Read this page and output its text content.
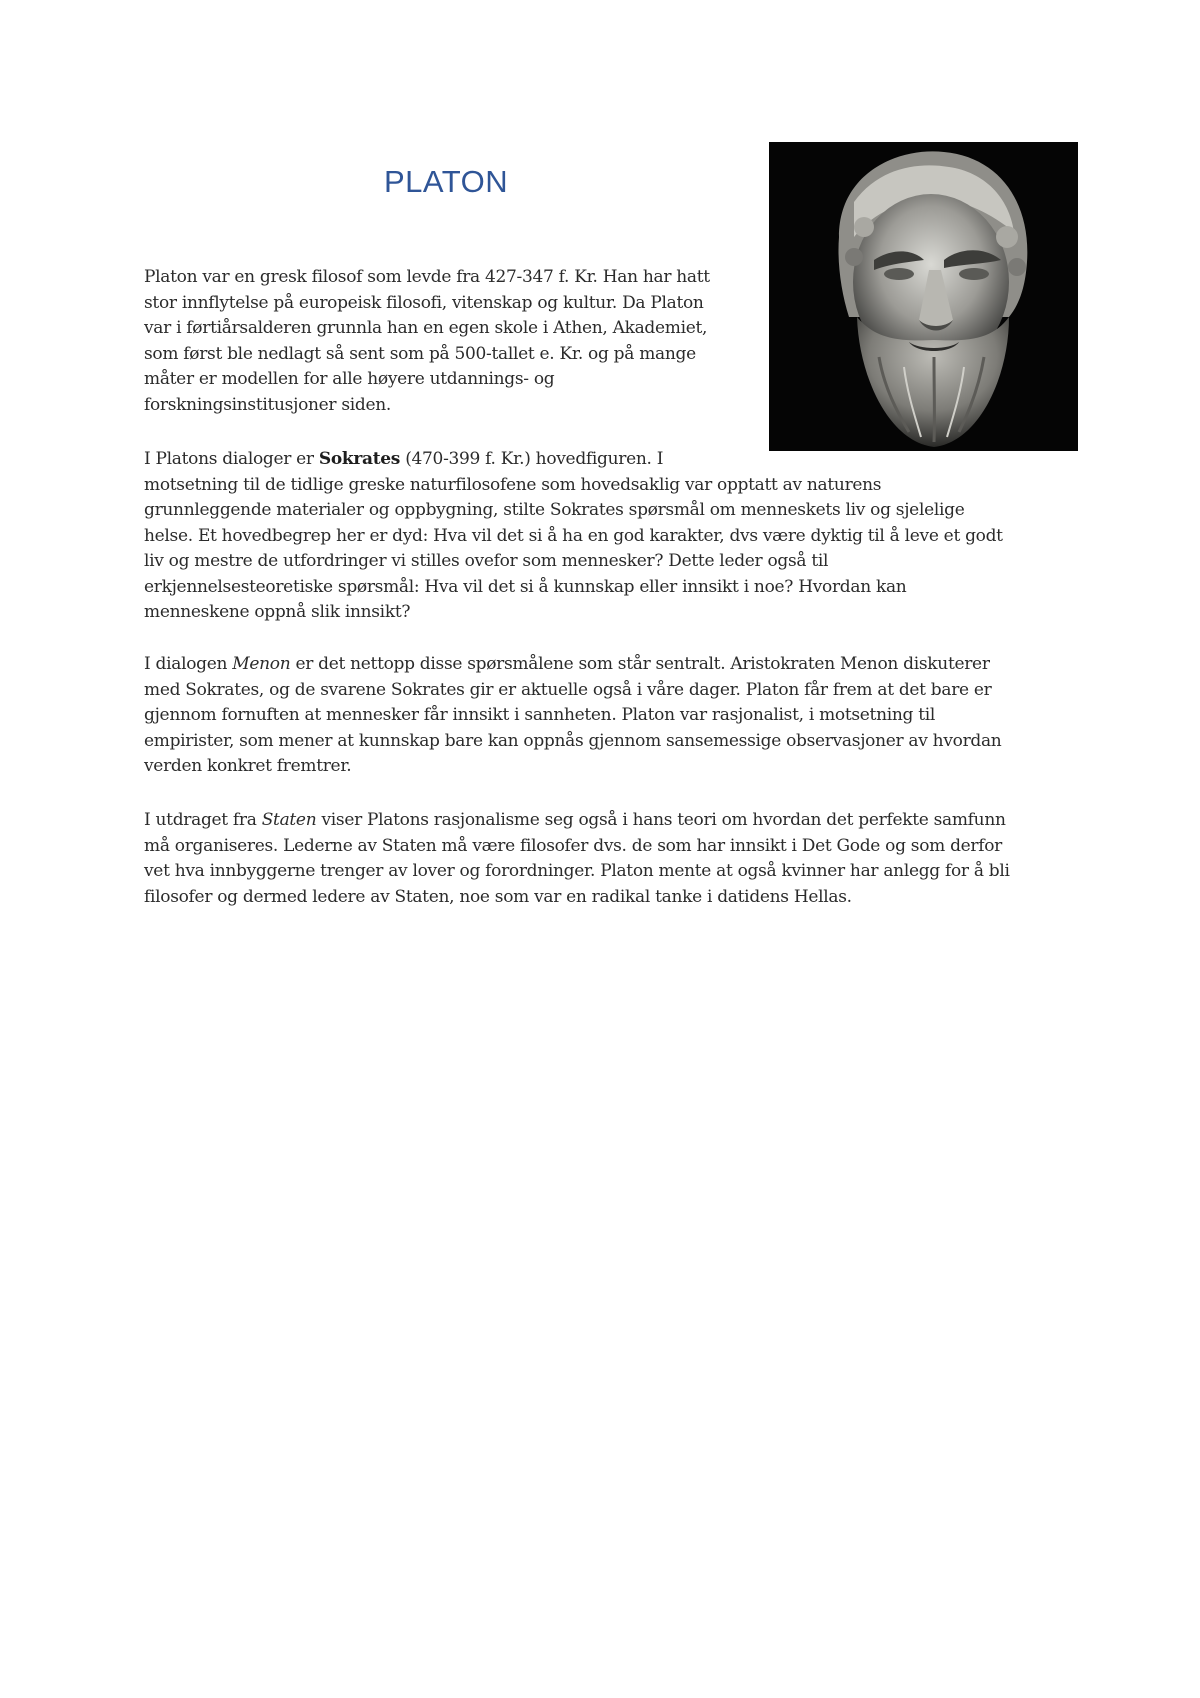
PLATON

Platon var en gresk filosof som levde fra 427-347 f. Kr. Han har hatt
stor innflytelse på europeisk filosofi, vitenskap og kultur. Da Platon
var i førtiårsalderen grunnla han en egen skole i Athen, Akademiet,
som først ble nedlagt så sent som på 500-tallet e. Kr. og på mange
måter er modellen for alle høyere utdannings- og
forskningsinstitusjoner siden.

I Platons dialoger er Sokrates (470-399 f. Kr.) hovedfiguren. I
motsetning til de tidlige greske naturfilosofene som hovedsaklig var opptatt av naturens
grunnleggende materialer og oppbygning, stilte Sokrates spørsmål om menneskets liv og sjelelige
helse. Et hovedbegrep her er dyd: Hva vil det si å ha en god karakter, dvs være dyktig til å leve et godt
liv og mestre de utfordringer vi stilles ovefor som mennesker? Dette leder også til
erkjennelsesteoretiske spørsmål: Hva vil det si å kunnskap eller innsikt i noe? Hvordan kan
menneskene oppnå slik innsikt?

I dialogen Menon er det nettopp disse spørsmålene som står sentralt. Aristokraten Menon diskuterer
med Sokrates, og de svarene Sokrates gir er aktuelle også i våre dager. Platon får frem at det bare er
gjennom fornuften at mennesker får innsikt i sannheten. Platon var rasjonalist, i motsetning til
empirister, som mener at kunnskap bare kan oppnås gjennom sansemessige observasjoner av hvordan
verden konkret fremtrer.

I utdraget fra Staten viser Platons rasjonalisme seg også i hans teori om hvordan det perfekte samfunn
må organiseres. Lederne av Staten må være filosofer dvs. de som har innsikt i Det Gode og som derfor
vet hva innbyggerne trenger av lover og forordninger. Platon mente at også kvinner har anlegg for å bli
filosofer og dermed ledere av Staten, noe som var en radikal tanke i datidens Hellas.
